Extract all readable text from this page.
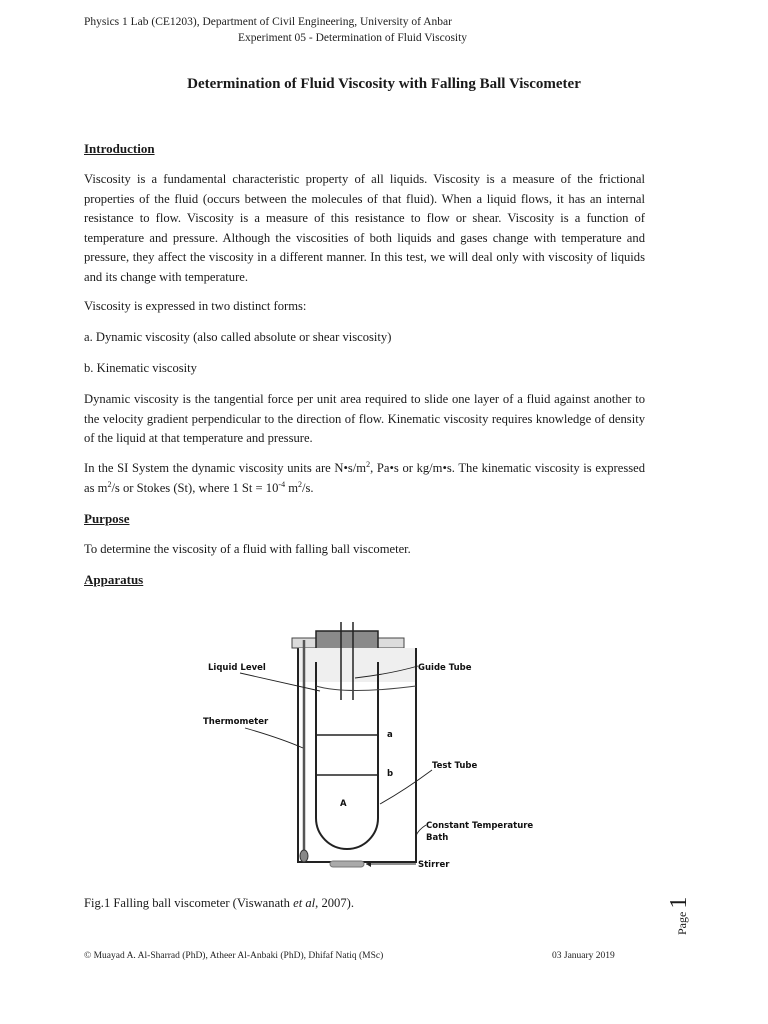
Physics 1 Lab (CE1203), Department of Civil Engineering, University of Anbar
Experiment 05 - Determination of Fluid Viscosity
Determination of Fluid Viscosity with Falling Ball Viscometer
Introduction

Viscosity is a fundamental characteristic property of all liquids. Viscosity is a measure of the frictional properties of the fluid (occurs between the molecules of that fluid). When a liquid flows, it has an internal resistance to flow. Viscosity is a measure of this resistance to flow or shear. Viscosity is a function of temperature and pressure. Although the viscosities of both liquids and gases change with temperature and pressure, they affect the viscosity in a different manner. In this test, we will deal only with viscosity of liquids and its change with temperature.

Viscosity is expressed in two distinct forms:

a. Dynamic viscosity (also called absolute or shear viscosity)

b. Kinematic viscosity

Dynamic viscosity is the tangential force per unit area required to slide one layer of a fluid against another to the velocity gradient perpendicular to the direction of flow. Kinematic viscosity requires knowledge of density of the liquid at that temperature and pressure.

In the SI System the dynamic viscosity units are $N•s/m^2$, Pa•s or kg/m•s. The kinematic viscosity is expressed as $m^2/s$ or Stokes (St), where 1 $St = 10^{-4}$ $m^2/s$.

Purpose

To determine the viscosity of a fluid with falling ball viscometer.

Apparatus
Liquid Level	Guide Tube
Thermometer
a
b
A
Test Tube
Constant Temperature
Bath
Stirrer
Fig.1 Falling ball viscometer (Viswanath et al, 2007).
© Muayad A. Al-Sharrad (PhD), Atheer Al-Anbaki (PhD), Dhifaf Natiq (MSc)	03 January 2019
Page 1
